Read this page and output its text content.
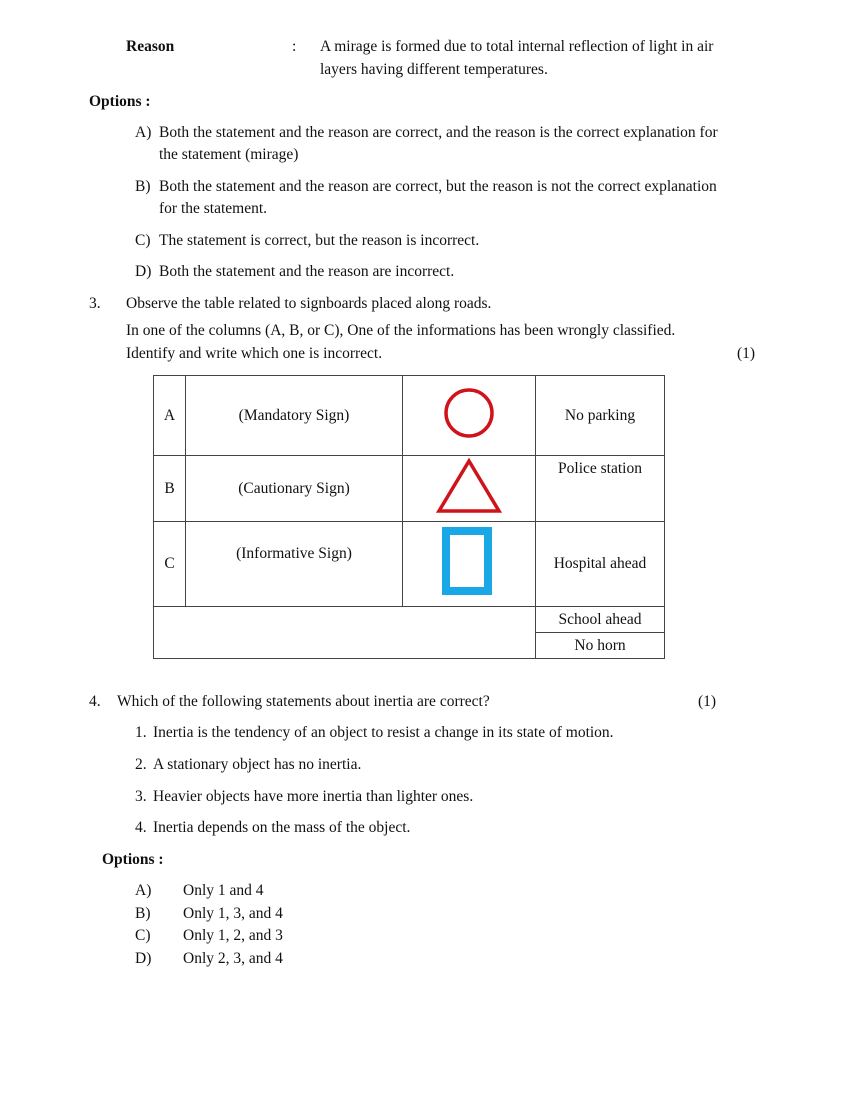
Reason	: A mirage is formed due to total internal reflection of light in air
layers having different temperatures.
Options :
A) Both the statement and the reason are correct, and the reason is the correct explanation for
the statement (mirage)
B) Both the statement and the reason are correct, but the reason is not the correct explanation
for the statement.
C) The statement is correct, but the reason is incorrect.
D) Both the statement and the reason are incorrect.
3. Observe the table related to signboards placed along roads.
In one of the columns (A, B, or C), One of the informations has been wrongly classified.
Identify and write which one is incorrect.	(1)
A	(Mandatory Sign)		No parking
B	(Cautionary Sign)		Police station
C	(Informative Sign)		Hospital ahead
			School ahead
			No horn
4. Which of the following statements about inertia are correct?	(1)
1. Inertia is the tendency of an object to resist a change in its state of motion.
2. A stationary object has no inertia.
3. Heavier objects have more inertia than lighter ones.
4. Inertia depends on the mass of the object.
Options :
A) Only 1 and 4
B) Only 1, 3, and 4
C) Only 1, 2, and 3
D) Only 2, 3, and 4
